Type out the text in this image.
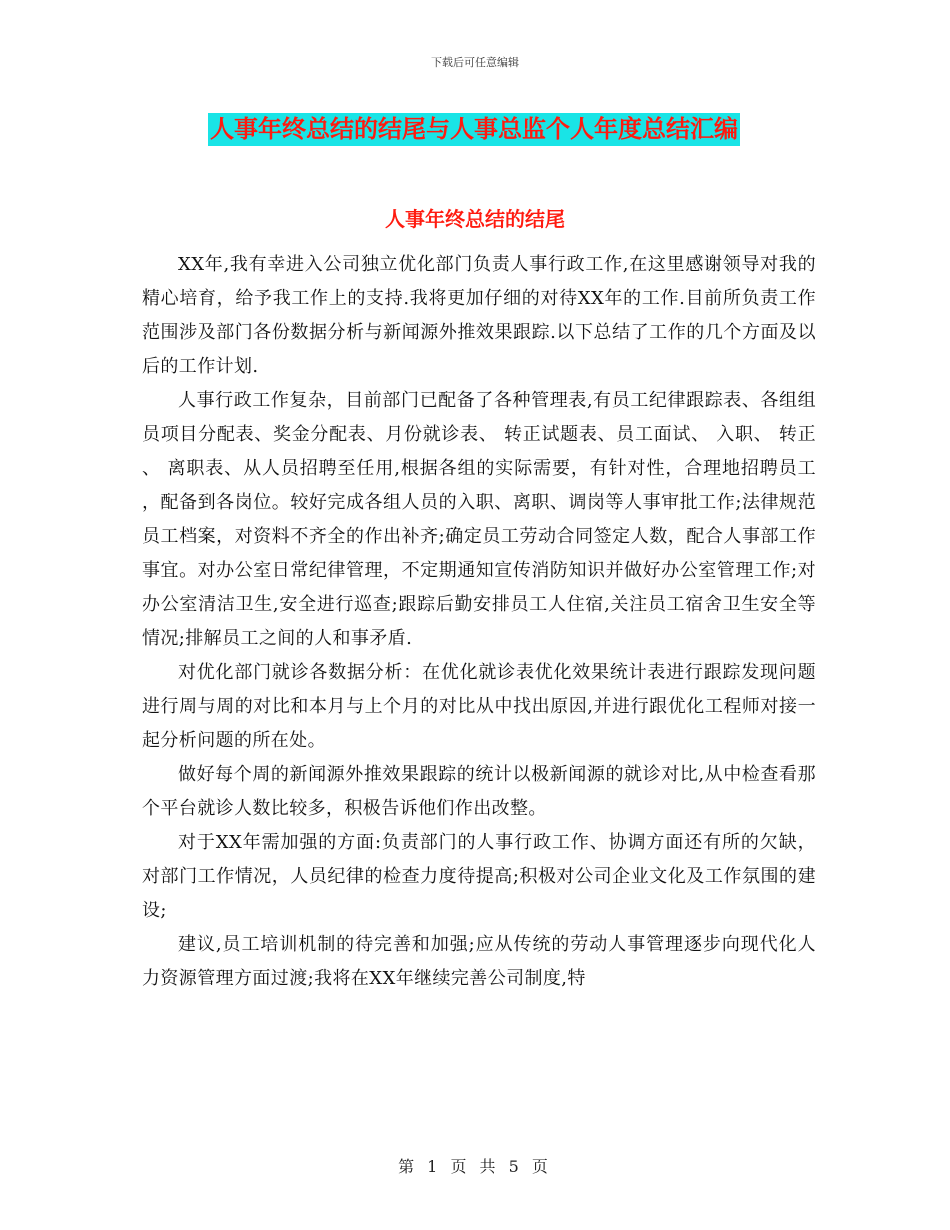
下载后可任意编辑
人事年终总结的结尾与人事总监个人年度总结汇编
人事年终总结的结尾

XX年,我有幸进入公司独立优化部门负责人事行政工作,在这里感谢领导对我的精心培育，给予我工作上的支持.我将更加仔细的对待XX年的工作.目前所负责工作范围涉及部门各份数据分析与新闻源外推效果跟踪.以下总结了工作的几个方面及以后的工作计划.

人事行政工作复杂，目前部门已配备了各种管理表,有员工纪律跟踪表、各组组员项目分配表、奖金分配表、月份就诊表、 转正试题表、员工面试、 入职、 转正、 离职表、从人员招聘至任用,根据各组的实际需要，有针对性，合理地招聘员工，配备到各岗位。较好完成各组人员的入职、离职、调岗等人事审批工作;法律规范员工档案，对资料不齐全的作出补齐;确定员工劳动合同签定人数，配合人事部工作事宜。对办公室日常纪律管理，不定期通知宣传消防知识并做好办公室管理工作;对办公室清洁卫生,安全进行巡查;跟踪后勤安排员工人住宿,关注员工宿舍卫生安全等情况;排解员工之间的人和事矛盾.

对优化部门就诊各数据分析：在优化就诊表优化效果统计表进行跟踪发现问题进行周与周的对比和本月与上个月的对比从中找出原因,并进行跟优化工程师对接一起分析问题的所在处。

做好每个周的新闻源外推效果跟踪的统计以极新闻源的就诊对比,从中检查看那个平台就诊人数比较多，积极告诉他们作出改整。

对于XX年需加强的方面:负责部门的人事行政工作、协调方面还有所的欠缺，对部门工作情况，人员纪律的检查力度待提高;积极对公司企业文化及工作氛围的建设;

建议,员工培训机制的待完善和加强;应从传统的劳动人事管理逐步向现代化人力资源管理方面过渡;我将在XX年继续完善公司制度,特

第 1 页 共 5 页
